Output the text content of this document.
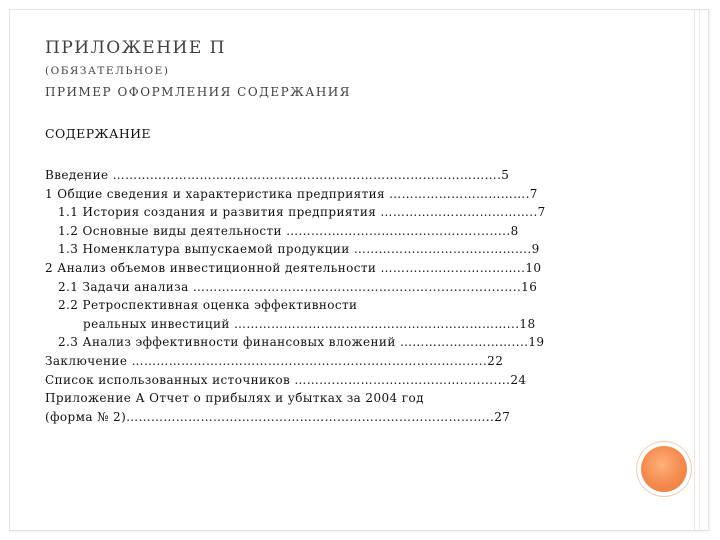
ПРИЛОЖЕНИЕ П
(ОБЯЗАТЕЛЬНОЕ)
ПРИМЕР ОФОРМЛЕНИЯ СОДЕРЖАНИЯ
СОДЕРЖАНИЕ
Введение ………………………………………………………………………………….5
1 Общие сведения и характеристика предприятия …………………………….7
1.1 История создания и развития предприятия ………………………………..7
1.2 Основные виды деятельности ………..………………………….............8
1.3 Номенклатура выпускаемой продукции …………………………………….9
2 Анализ объемов инвестиционной деятельности ……………………………..10
2.1 Задачи анализа …………………………………………………......................16
2.2 Ретроспективная оценка эффективности
реальных инвестиций …………………………………………………………...18
2.3 Анализ эффективности финансовых вложений ………………………....19
Заключение …………………………………………………………………………..22
Список использованных источников ……….…………………………............24
Приложение А Отчет о прибылях и убытках за 2004 год
(форма № 2)……………………………………………………………………………..27
